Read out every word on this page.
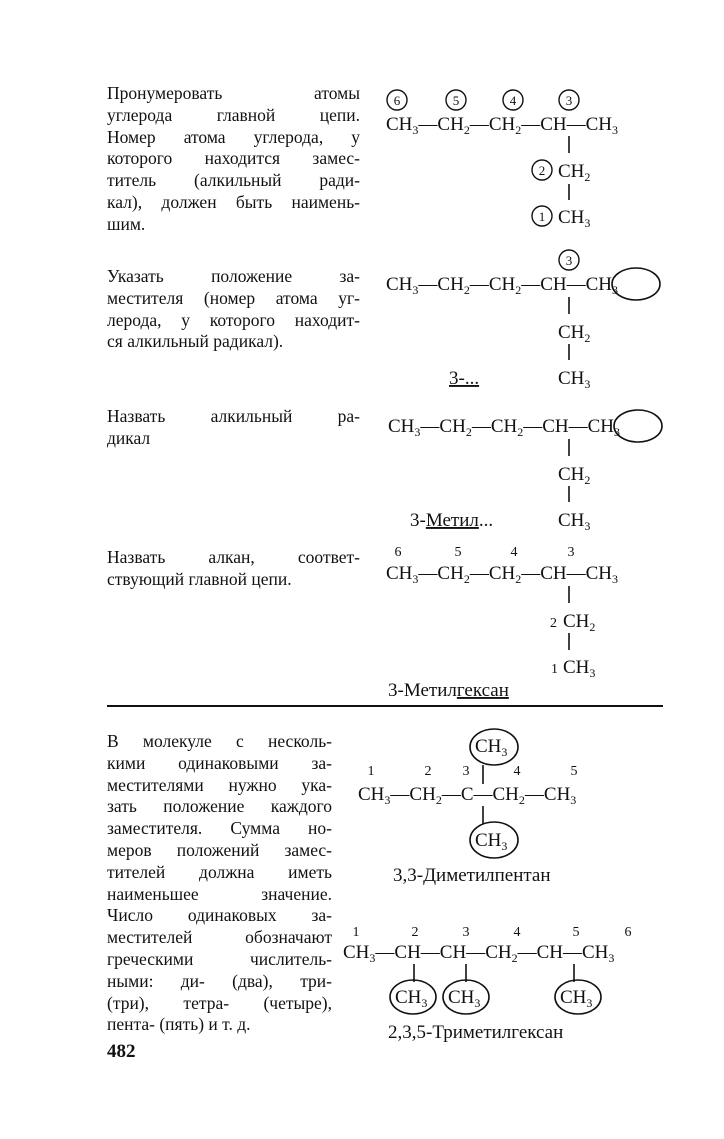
Пронумеровать атомы
углерода главной цепи.
Номер атома углерода, у
которого находится замес-
титель (алкильный ради-
кал), должен быть наимень-
шим.
Указать положение за-
местителя (номер атома уг-
лерода, у которого находит-
ся алкильный радикал).
Назвать алкильный ра-
дикал
Назвать алкан, соответ-
ствующий главной цепи.
В молекуле с несколь-
кими одинаковыми за-
местителями нужно ука-
зать положение каждого
заместителя. Сумма но-
меров положений замес-
тителей должна иметь
наименьшее значение.
Число одинаковых за-
местителей обозначают
греческими числитель-
ными: ди- (два), три-
(три), тетра- (четыре),
пента- (пять) и т. д.
482
6	5	4	3
$CH_3—CH_2—CH_2—CH—CH_3$
2 $CH_2$
1 $CH_3$
3
$CH_3—CH_2—CH_2—CH—CH_3$
$CH_2$
$CH_3$
3-...
$CH_3—CH_2—CH_2—CH—CH_3$
$CH_2$
$CH_3$
3-Метил...
6	5	4	3
$CH_3—CH_2—CH_2—CH—CH_3$
2 $CH_2$
1 $CH_3$
3-Метилгексан
$CH_3$
1	2 3	4	5
$CH_3—CH_2—C—CH_2—CH_3$
$CH_3$
3,3-Диметилпентан
1	2	3	4	5	6
$CH_3—CH—CH—CH_2—CH—CH_3$
$CH_3$ $CH_3$	$CH_3$
2,3,5-Триметилгексан
